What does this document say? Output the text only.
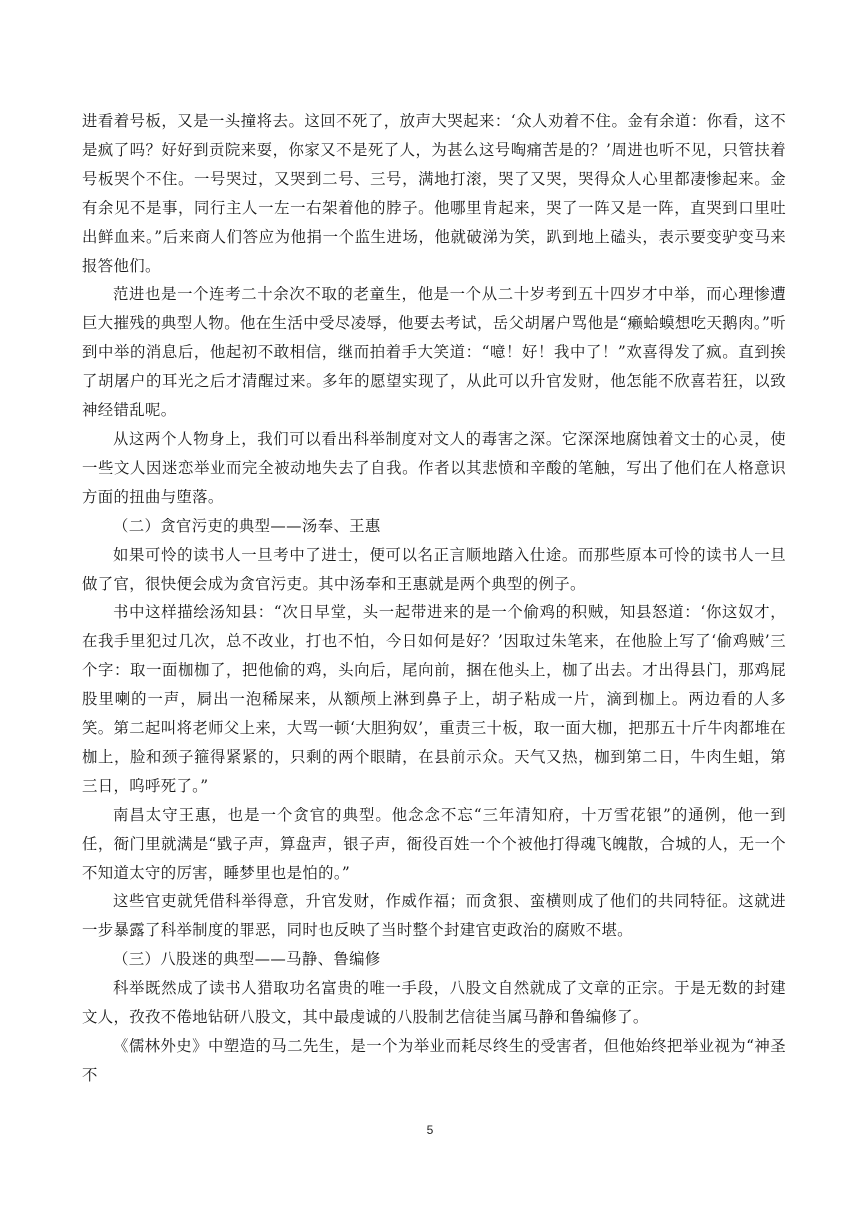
进看着号板，又是一头撞将去。这回不死了，放声大哭起来：‘众人劝着不住。金有余道：你看，这不是疯了吗？好好到贡院来耍，你家又不是死了人，为甚么这号啕痛苦是的？’周进也听不见，只管扶着号板哭个不住。一号哭过，又哭到二号、三号，满地打滚，哭了又哭，哭得众人心里都凄惨起来。金有余见不是事，同行主人一左一右架着他的脖子。他哪里肯起来，哭了一阵又是一阵，直哭到口里吐出鲜血来。”后来商人们答应为他捐一个监生进场，他就破涕为笑，趴到地上磕头，表示要变驴变马来报答他们。

范进也是一个连考二十余次不取的老童生，他是一个从二十岁考到五十四岁才中举，而心理惨遭巨大摧残的典型人物。他在生活中受尽凌辱，他要去考试，岳父胡屠户骂他是“癞蛤蟆想吃天鹅肉。”听到中举的消息后，他起初不敢相信，继而拍着手大笑道：“噫！好！我中了！”欢喜得发了疯。直到挨了胡屠户的耳光之后才清醒过来。多年的愿望实现了，从此可以升官发财，他怎能不欣喜若狂，以致神经错乱呢。

从这两个人物身上，我们可以看出科举制度对文人的毒害之深。它深深地腐蚀着文士的心灵，使一些文人因迷恋举业而完全被动地失去了自我。作者以其悲愤和辛酸的笔触，写出了他们在人格意识方面的扭曲与堕落。

（二）贪官污吏的典型——汤奉、王惠

如果可怜的读书人一旦考中了进士，便可以名正言顺地踏入仕途。而那些原本可怜的读书人一旦做了官，很快便会成为贪官污吏。其中汤奉和王惠就是两个典型的例子。

书中这样描绘汤知县：“次日早堂，头一起带进来的是一个偷鸡的积贼，知县怒道：‘你这奴才，在我手里犯过几次，总不改业，打也不怕，今日如何是好？’因取过朱笔来，在他脸上写了‘偷鸡贼’三个字：取一面枷枷了，把他偷的鸡，头向后，尾向前，捆在他头上，枷了出去。才出得县门，那鸡屁股里喇的一声，屙出一泡稀屎来，从额颅上淋到鼻子上，胡子粘成一片，滴到枷上。两边看的人多笑。第二起叫将老师父上来，大骂一顿‘大胆狗奴’，重责三十板，取一面大枷，把那五十斤牛肉都堆在枷上，脸和颈子箍得紧紧的，只剩的两个眼睛，在县前示众。天气又热，枷到第二日，牛肉生蛆，第三日，呜呼死了。”

南昌太守王惠，也是一个贪官的典型。他念念不忘“三年清知府，十万雪花银”的通例，他一到任，衙门里就满是“戥子声，算盘声，银子声，衙役百姓一个个被他打得魂飞魄散，合城的人，无一个不知道太守的厉害，睡梦里也是怕的。”

这些官吏就凭借科举得意，升官发财，作威作福；而贪狠、蛮横则成了他们的共同特征。这就进一步暴露了科举制度的罪恶，同时也反映了当时整个封建官吏政治的腐败不堪。

（三）八股迷的典型——马静、鲁编修

科举既然成了读书人猎取功名富贵的唯一手段，八股文自然就成了文章的正宗。于是无数的封建文人，孜孜不倦地钻研八股文，其中最虔诚的八股制艺信徒当属马静和鲁编修了。

《儒林外史》中塑造的马二先生，是一个为举业而耗尽终生的受害者，但他始终把举业视为“神圣不

5
